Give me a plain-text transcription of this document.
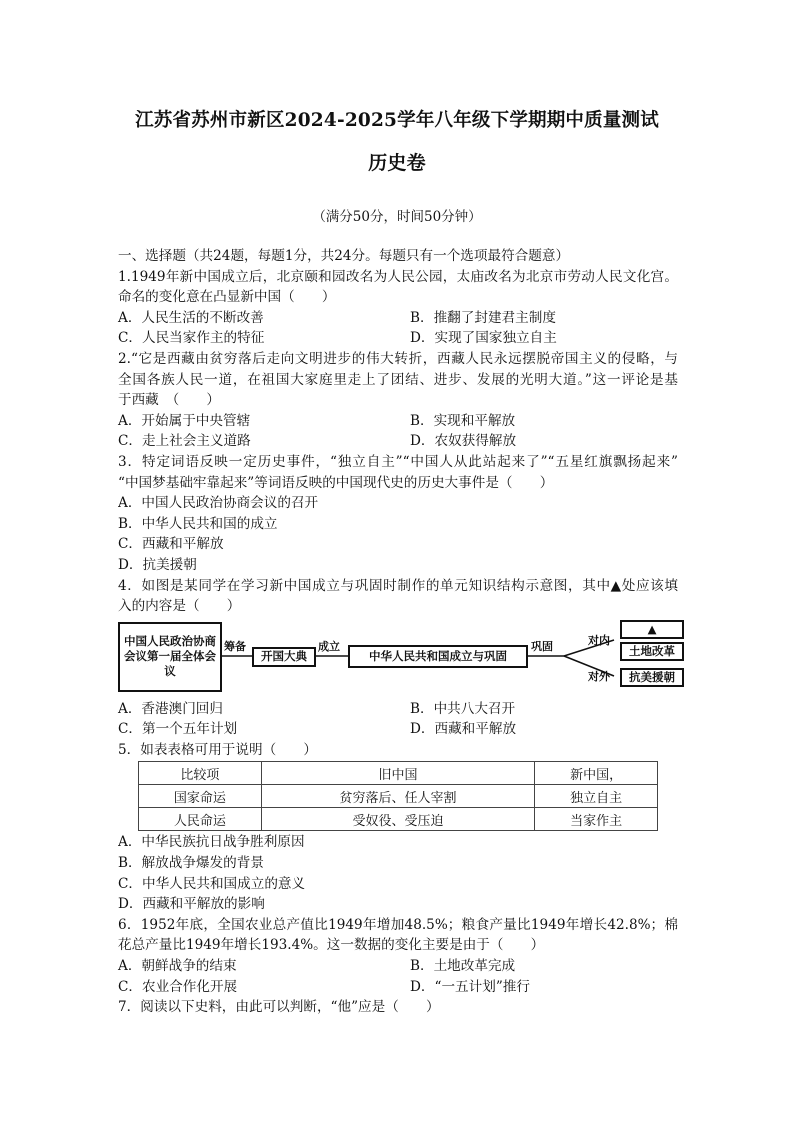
江苏省苏州市新区2024-2025学年八年级下学期期中质量测试
历史卷
（满分50分，时间50分钟）
一、选择题（共24题，每题1分，共24分。每题只有一个选项最符合题意）
1.1949年新中国成立后，北京颐和园改名为人民公园，太庙改名为北京市劳动人民文化宫。
命名的变化意在凸显新中国（　　）
A．人民生活的不断改善	B．推翻了封建君主制度
C．人民当家作主的特征	D．实现了国家独立自主
2.“它是西藏由贫穷落后走向文明进步的伟大转折，西藏人民永远摆脱帝国主义的侵略，与
全国各族人民一道，在祖国大家庭里走上了团结、进步、发展的光明大道。”这一评论是基
于西藏　（　　）
A．开始属于中央管辖	B．实现和平解放
C．走上社会主义道路	D．农奴获得解放
3．特定词语反映一定历史事件，“独立自主”“中国人从此站起来了”“五星红旗飘扬起来”
“中国梦基础牢靠起来”等词语反映的中国现代史的历史大事件是（　　）
A．中国人民政治协商会议的召开
B．中华人民共和国的成立
C．西藏和平解放
D．抗美援朝
4．如图是某同学在学习新中国成立与巩固时制作的单元知识结构示意图，其中▲处应该填
入的内容是（　　）
中国人民政治协商会议第一届全体会议
筹备
开国大典
成立
中华人民共和国成立与巩固
巩固	对内
对外
▲
土地改革
抗美援朝
A．香港澳门回归	B．中共八大召开
C．第一个五年计划	D．西藏和平解放
5．如表表格可用于说明（　　）
比较项	旧中国	新中国，
国家命运	贫穷落后、任人宰割	独立自主
人民命运	受奴役、受压迫	当家作主
A．中华民族抗日战争胜利原因
B．解放战争爆发的背景
C．中华人民共和国成立的意义
D．西藏和平解放的影响
6．1952年底，全国农业总产值比1949年增加48.5%；粮食产量比1949年增长42.8%；棉
花总产量比1949年增长193.4%。这一数据的变化主要是由于（　　）
A．朝鲜战争的结束	B．土地改革完成
C．农业合作化开展	D．“一五计划”推行
7．阅读以下史料，由此可以判断，“他”应是（　　）
